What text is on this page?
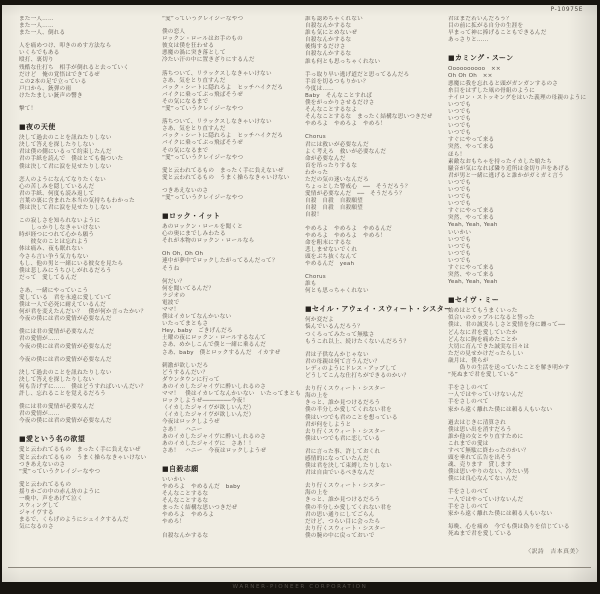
P-10975E
また一人……
また一人……
また一人、倒れる
人を痛めつけ、叩きのめす方法なら
いくらでもある
殴打、裏切り
残酷な仕打ち　相手が倒れると去っていく
だけど　俺の覚悟はできてるぜ
この2本の足で立っている
戸口から、銃弾の雨
けたたましい銃声の響き
撃て！
■夜の天使
決して過去のことを訊ねたりしない
決して答えを探したりしない
君は僕の側にいるって約束したんだ
君の手紙を読んで　僕はとても傷ついた
僕は決して君に涙を見せたりしない
恋人のようになんてなりたくない
心の苦しみを隠しているんだ
君の手紙、何度も読み返して
言葉の裏に含まれた本当の気持ちもわかった
僕は決して君に涙を見せたりしない
この寂しさを知られないように
　　しっかりしなきゃいけない
時が経つにつれて心から願う
　　彼女のことは忘れよう
体は痛み、夜も眠れない
今さら言い争う気力もない
もし、他の男と一緒にいる彼女を見たら
僕は悲しみにうちひしがれるだろう
だって　愛してるんだ
さあ、一緒にやっていこう
愛している　君を永遠に愛していて
僕は一人で必死に耐えているんだ
何が君を変えたんだい？　僕が何か言ったかい？
今夜の僕には君の愛情が必要なんだ
僕には君の愛情が必要なんだ
君の愛情が……
今夜の僕には君の愛情が必要なんだ
今夜の僕には君の愛情が必要なんだ
決して過去のことを訊ねたりしない
決して答えを探したりしない
何も告げずに……　僕はどうすればいいんだい？
許し、忘れることを覚えるだろう
僕には君の愛情が必要なんだ
君の愛情が……
今夜の僕には君の愛情が必要なんだ
■愛という名の欲望
愛と云われてるもの　まったく手に負えないぜ
愛と云われてるもの　うまく操らなきゃいけない
つきあえないのさ
“愛”っていうクレイジーなやつ
愛と云われてるもの
揺りかごの中の赤ん坊のように
一晩中、声をあげて泣く
スウィングして
ジャイヴする
まるで、くらげのようにシェイクするんだ
気になるのさ
“愛”っていうクレイジーなやつ
僕の恋人
ロックン・ロールはお手のもの
彼女は僕を狂わせる
悪魔の渦に突き落として
冷たい汗の中に置きざりにするんだ
落ちついて、リラックスしなきゃいけない
さあ、気をとり直すんだ
バック・シートに隠れろよ　ヒッチハイクだろ
バイクに乗ってぶっ飛ばそうぜ
その気になるまで
“愛”っていうクレイジーなやつ
落ちついて、リラックスしなきゃいけない
さあ、気をとり直すんだ
バック・シートに隠れろよ　ヒッチハイクだろ
バイクに乗ってぶっ飛ばそうぜ
その気になるまで
“愛”っていうクレイジーなやつ
愛と云われてるもの　まったく手に負えないぜ
愛と云われてるもの　うまく操らなきゃいけない
つきあえないのさ
“愛”っていうクレイジーなやつ
■ロック・イット
あのロックン・ロールを聞くと
心の奥にまでしみわたる
それが本物のロックン・ロールなら
Oh Oh, Oh Oh
連中が夢中でロックしたがってるんだって？
そうね
何だい？
何を聞いてるんだ？
ラジオの
電波で
ママ！
僕はイカレてなんかいない
いたってまともさ
Hey, baby　ごきげんだろ
土曜の夜にロックン・ロールするなんて
さあ、めかしこんで僕と一緒に乗るんだ
さあ、baby　僕とロックするんだ　イカすぜ
刺激が欲しいだろ
どうするんだい？
ダウンタウンに行って
あのイカしたジャイヴに酔いしれるのさ
ママ！　僕はイカレてなんかいない　いたってまとも
ロックしようぜ────────今夜！
（イカしたジャイヴが欲しいんだ）
（イカしたジャイヴが欲しいんだ）
今夜はロックしようぜ
さあ！　ハニー
あのイカしたジャイヴに酔いしれるのさ
あのイカしたジャイヴに　さあ！！
さあ！　ハニー　今夜はロックしようぜ
■自殺志願
いいかい
やめろよ　やめるんだ　baby
そんなことするな
そんなことするな
まったく結構な思いつきだぜ
やめろよ　やめろよ
やめろ！
自殺なんかするな
誰も認めちゃくれない
自殺なんかするな
誰も気にとめないぜ
自殺なんかするな
後悔するだけさ
自殺なんかするな
誰も何とも思っちゃくれない
手っ取り早い逃げ道だと思ってるんだろ
手首を切るつもりかい？
今度は……
Baby　そんなことすれば
僕をがっかりさせるだけさ
そんなことするなよ
そんなことするな　まったく結構な思いつきだぜ
やめろよ　やめろよ　やめろ！
Chorus
君には救いが必要なんだ
よく考えろ　救いが必要なんだ
命が必要なんだ
首を吊ったりするな
わかった
ただの気の迷いなんだろ
ちょっとした警戒心　──　そうだろう？
愛情が必要なんだ　──　そうだろう？
自殺　自殺　自殺願望
自殺　自殺　自殺願望
自殺！
やめろよ　やめろよ　やめるんだ
やめろよ　やめろよ　やめろ！
命を粗末にするな
悲しませないでくれ
頭をぶち抜くなんて
やめるんだ　yeah
Chorus
誰も
何とも思っちゃくれない
■セイル・アウェイ・スウィート・シスター
何か変だよ
悩んでいるんだろう？
つくろってみたって無駄さ
もうこれ以上、続けたくないんだろう？
君は子供なんかじゃない
君の母親は何て言うんだい？
レディのようにドレス・アップして
どうしてこんな仕打ちができるのかい？
去り行くスウィート・シスター
海の上を
きっと、誰か見つけるだろう
僕の半分しか愛してくれない君を
僕はいつでも君のことを想っている
君が何をしようと
去り行くスウィート・シスター
僕はいつでも君に恋している
君に言った事、許しておくれ
感情的になっていたんだ
僕は君を決して束縛したりしない
君は自由でいるべきなんだ
去り行くスウィート・シスター
海の上を
きっと、誰か見つけるだろう
僕の半分しか愛してくれない君を
君の思い通りにしてごらん
だけど、つらい目に会ったら
去り行くスウィート・シスター
僕の腕の中に戻っておいで
君はまだ若いんだろう？
目の前に拡がる自分の生涯を
早まって神に捧げることもできるんだ
あっさりと……
■カミング・スーン
Oooooooooo　××
Oh Oh Oh　××
悪魔に我を忘れると頭がガンガンするのさ
糸目をはずした凧の骨組のように
ナイロン・ストッキングをはいた義理の母親のように
いつでも
いつでも
いつでも
いつでも
いつでも
すぐにやって来る
突然、やって来る
ほら！
素敵なおもちゃを持ったイカした娘たち
騒音が気になれば隣り近所は金切り声をあげる
君が男と一緒に逃げると誰かがガミガミ言う
いつでも
いつでも
いつでも
いつでも
すぐにやって来る
突然、やって来る
Yeah, Yeah, Yeah
いいかい
いつでも
いつでも
いつでも
いつでも
すぐにやって来る
突然、やって来る
Yeah, Yeah, Yeah
■セイヴ・ミー
始めはとてもうまくいった
似合いのカップルになると誓った
僕は、君の誠実らしさと愛情を身に纏って──
どんなに君を愛していたか
どんなに胸を痛めたことか
大切に育んできた誠実な日々は
ただの見せかけだったらしい
歳月は、僕らが
　　偽りの生活を送っていたことを解き明かす
“死ぬまで君を愛している”
手をさしのべて
一人ではやっていけないんだ
手をさしのべて
家から遠く離れた僕には頼る人もいない
過去はじきに清算され
僕は思い出を消すだろう
誰か他の女とやり直すために
これまでの愛は
すべて無駄に終わったのかい？
頭を垂れて広告を出そう
魂、売ります　貸します
僕は思いやりのない、冷たい男
僕には良心なんてないんだ
手をさしのべて
一人ではやっていけないんだ
手をさしのべて
家から遠く離れた僕には頼る人もいない
毎晩、心を痛め　今でも僕は偽りを信じている
死ぬまで君を愛している
〈訳詩　吉本真美〉
WARNER-PIONEER CORPORATION
